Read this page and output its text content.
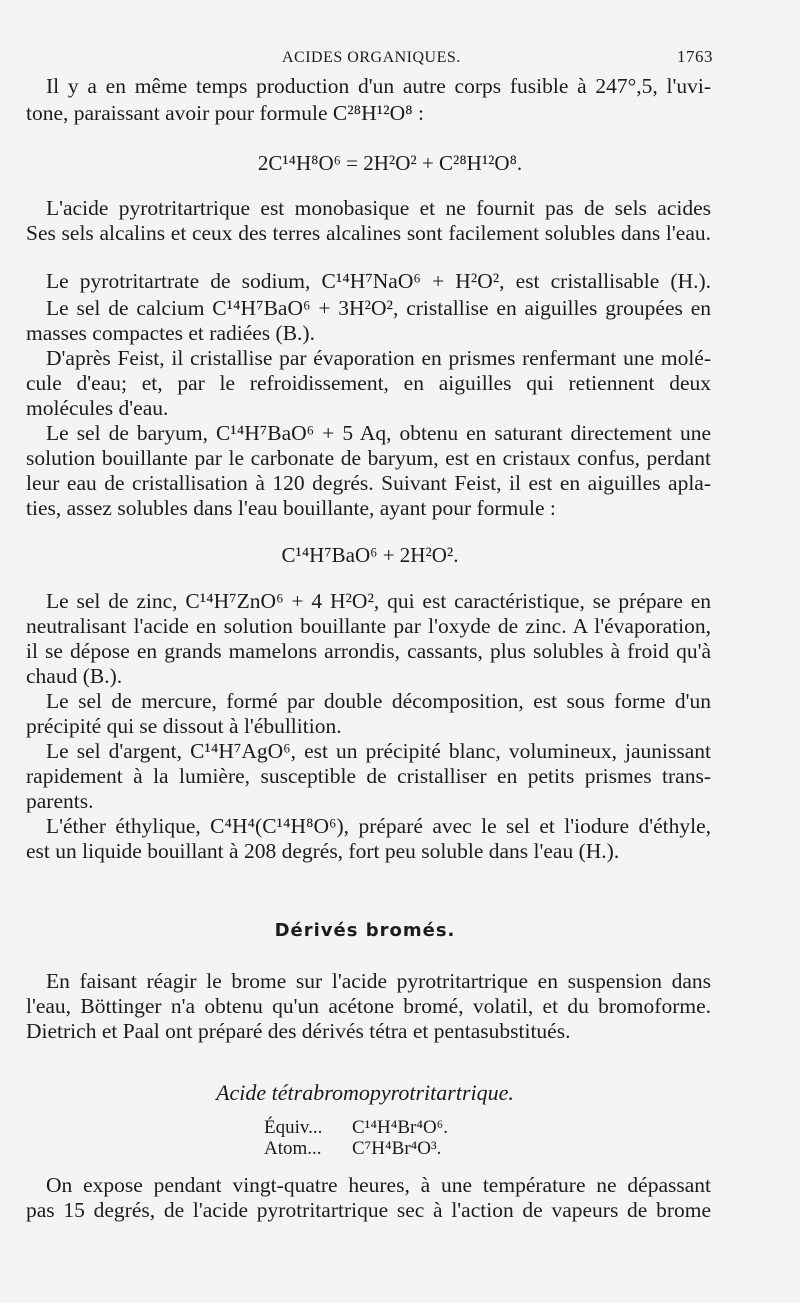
ACIDES ORGANIQUES.	1763
Il y a en même temps production d'un autre corps fusible à 247°,5, l'uvi-
tone, paraissant avoir pour formule C²⁸H¹²O⁸ :
2C¹⁴H⁸O⁶ = 2H²O² + C²⁸H¹²O⁸.
L'acide pyrotritartrique est monobasique et ne fournit pas de sels acides
Ses sels alcalins et ceux des terres alcalines sont facilement solubles dans l'eau.
Le pyrotritartrate de sodium, C¹⁴H⁷NaO⁶ + H²O², est cristallisable (H.).
Le sel de calcium C¹⁴H⁷BaO⁶ + 3H²O², cristallise en aiguilles groupées en
masses compactes et radiées (B.).
D'après Feist, il cristallise par évaporation en prismes renfermant une molé-
cule d'eau; et, par le refroidissement, en aiguilles qui retiennent deux
molécules d'eau.
Le sel de baryum, C¹⁴H⁷BaO⁶ + 5 Aq, obtenu en saturant directement une
solution bouillante par le carbonate de baryum, est en cristaux confus, perdant
leur eau de cristallisation à 120 degrés. Suivant Feist, il est en aiguilles apla-
ties, assez solubles dans l'eau bouillante, ayant pour formule :
C¹⁴H⁷BaO⁶ + 2H²O².
Le sel de zinc, C¹⁴H⁷ZnO⁶ + 4 H²O², qui est caractéristique, se prépare en
neutralisant l'acide en solution bouillante par l'oxyde de zinc. A l'évaporation,
il se dépose en grands mamelons arrondis, cassants, plus solubles à froid qu'à
chaud (B.).
Le sel de mercure, formé par double décomposition, est sous forme d'un
précipité qui se dissout à l'ébullition.
Le sel d'argent, C¹⁴H⁷AgO⁶, est un précipité blanc, volumineux, jaunissant
rapidement à la lumière, susceptible de cristalliser en petits prismes trans-
parents.
L'éther éthylique, C⁴H⁴(C¹⁴H⁸O⁶), préparé avec le sel et l'iodure d'éthyle,
est un liquide bouillant à 208 degrés, fort peu soluble dans l'eau (H.).
Dérivés bromés.
En faisant réagir le brome sur l'acide pyrotritartrique en suspension dans
l'eau, Böttinger n'a obtenu qu'un acétone bromé, volatil, et du bromoforme.
Dietrich et Paal ont préparé des dérivés tétra et pentasubstitués.
Acide tétrabromopyrotritartrique.
Équiv... C¹⁴H⁴Br⁴O⁶.
Atom... C⁷H⁴Br⁴O³.
On expose pendant vingt-quatre heures, à une température ne dépassant
pas 15 degrés, de l'acide pyrotritartrique sec à l'action de vapeurs de brome
